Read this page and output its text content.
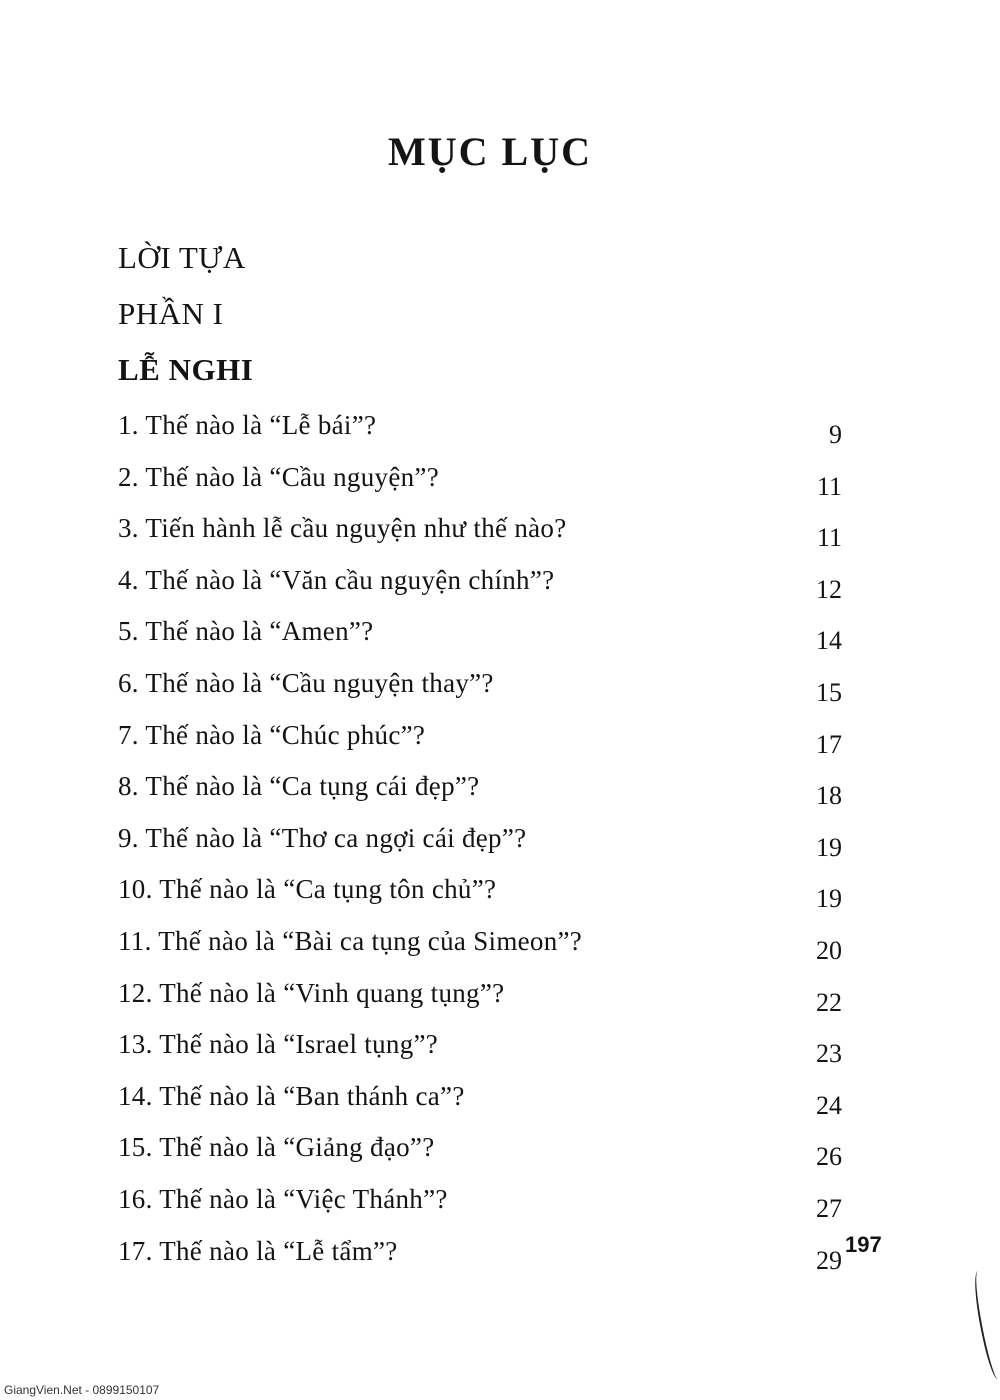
MỤC LỤC
LỜI TỰA
PHẦN I
LỄ NGHI
1. Thế nào là “Lễ bái”?	9
2. Thế nào là “Cầu nguyện”?	11
3. Tiến hành lễ cầu nguyện như thế nào?	11
4. Thế nào là “Văn cầu nguyện chính”?	12
5. Thế nào là “Amen”?	14
6. Thế nào là “Cầu nguyện thay”?	15
7. Thế nào là “Chúc phúc”?	17
8. Thế nào là “Ca tụng cái đẹp”?	18
9. Thế nào là “Thơ ca ngợi cái đẹp”?	19
10. Thế nào là “Ca tụng tôn chủ”?	19
11. Thế nào là “Bài ca tụng của Simeon”?	20
12. Thế nào là “Vinh quang tụng”?	22
13. Thế nào là “Israel tụng”?	23
14. Thế nào là “Ban thánh ca”?	24
15. Thế nào là “Giảng đạo”?	26
16. Thế nào là “Việc Thánh”?	27
17. Thế nào là “Lễ tẩm”?	29
197
GiangVien.Net - 0899150107
